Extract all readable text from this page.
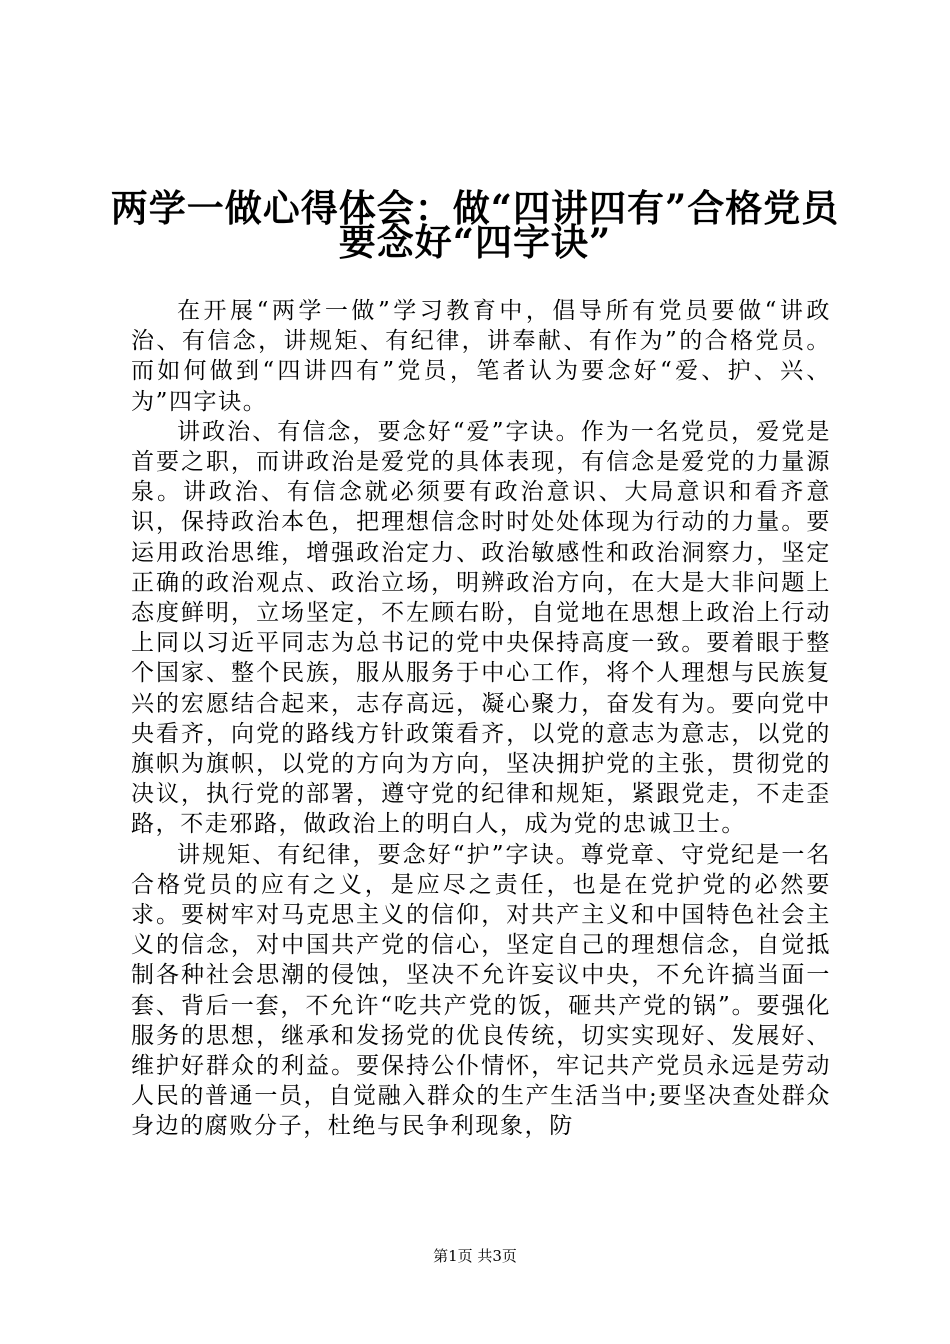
两学一做心得体会：做“四讲四有”合格党员
要念好“四字诀”

在开展“两学一做”学习教育中，倡导所有党员要做“讲政治、有信念，讲规矩、有纪律，讲奉献、有作为”的合格党员。而如何做到“四讲四有”党员，笔者认为要念好“爱、护、兴、为”四字诀。

讲政治、有信念，要念好“爱”字诀。作为一名党员，爱党是首要之职，而讲政治是爱党的具体表现，有信念是爱党的力量源泉。讲政治、有信念就必须要有政治意识、大局意识和看齐意识，保持政治本色，把理想信念时时处处体现为行动的力量。要运用政治思维，增强政治定力、政治敏感性和政治洞察力，坚定正确的政治观点、政治立场，明辨政治方向，在大是大非问题上态度鲜明，立场坚定，不左顾右盼，自觉地在思想上政治上行动上同以习近平同志为总书记的党中央保持高度一致。要着眼于整个国家、整个民族，服从服务于中心工作，将个人理想与民族复兴的宏愿结合起来，志存高远，凝心聚力，奋发有为。要向党中央看齐，向党的路线方针政策看齐，以党的意志为意志，以党的旗帜为旗帜，以党的方向为方向，坚决拥护党的主张，贯彻党的决议，执行党的部署，遵守党的纪律和规矩，紧跟党走，不走歪路，不走邪路，做政治上的明白人，成为党的忠诚卫士。

讲规矩、有纪律，要念好“护”字诀。尊党章、守党纪是一名合格党员的应有之义，是应尽之责任，也是在党护党的必然要求。要树牢对马克思主义的信仰，对共产主义和中国特色社会主义的信念，对中国共产党的信心，坚定自己的理想信念，自觉抵制各种社会思潮的侵蚀，坚决不允许妄议中央，不允许搞当面一套、背后一套，不允许“吃共产党的饭，砸共产党的锅”。要强化服务的思想，继承和发扬党的优良传统，切实实现好、发展好、维护好群众的利益。要保持公仆情怀，牢记共产党员永远是劳动人民的普通一员，自觉融入群众的生产生活当中;要坚决查处群众身边的腐败分子，杜绝与民争利现象，防

第1页 共3页
